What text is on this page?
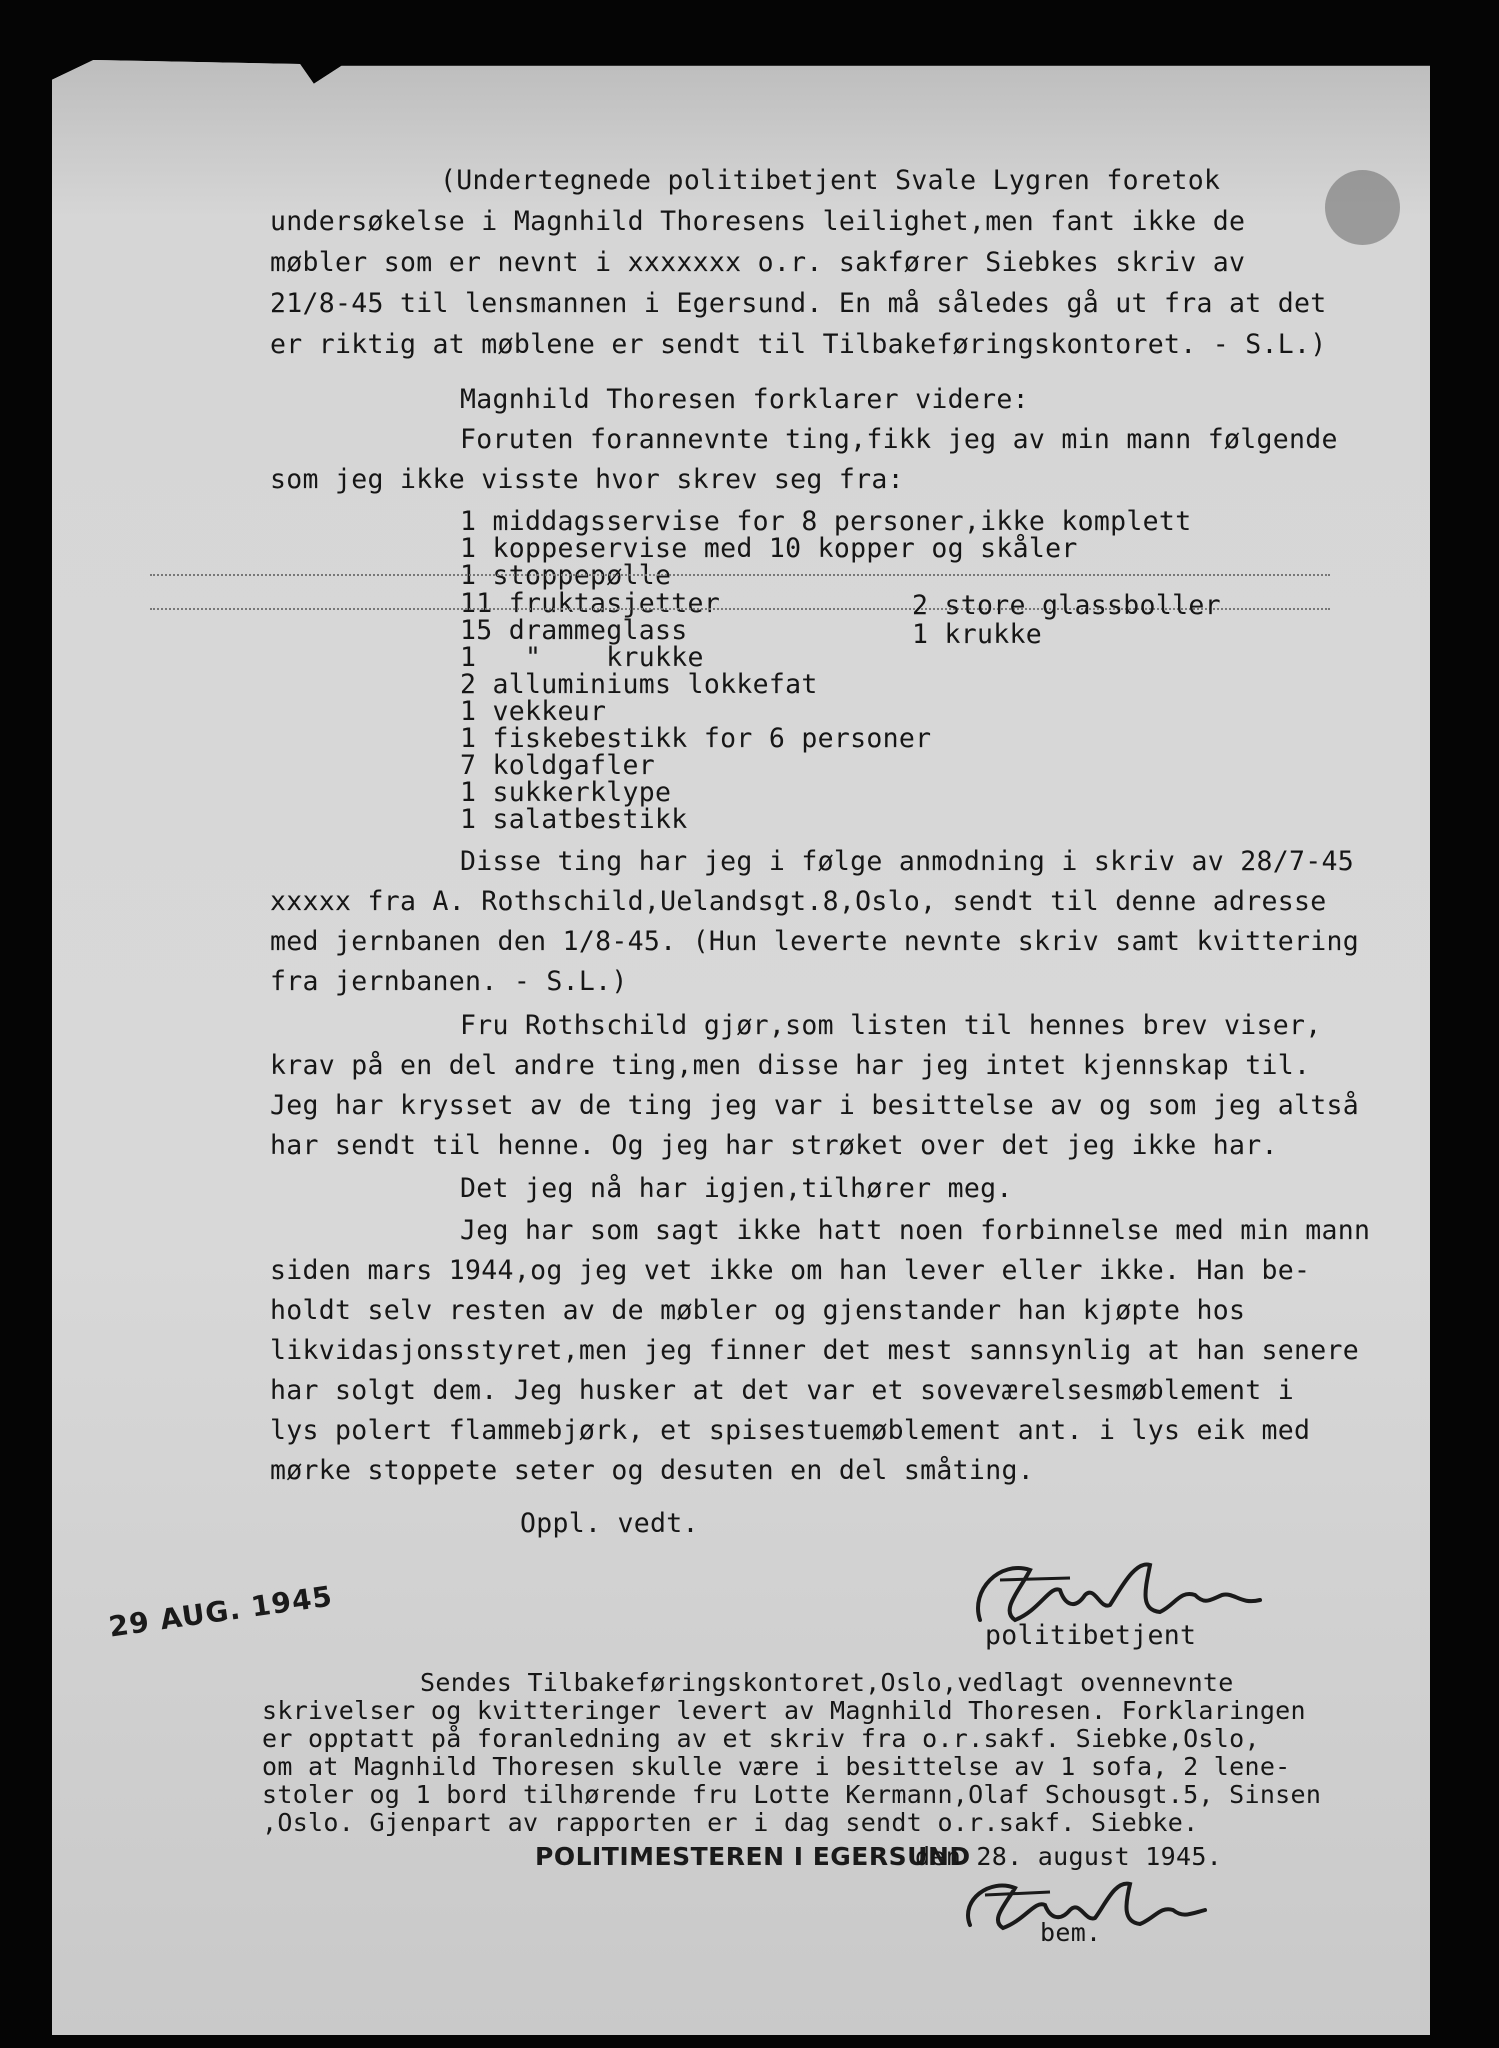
(Undertegnede politibetjent Svale Lygren foretok
undersøkelse i Magnhild Thoresens leilighet,men fant ikke de
møbler som er nevnt i xxxxxxx o.r. sakfører Siebkes skriv av
21/8-45 til lensmannen i Egersund. En må således gå ut fra at det
er riktig at møblene er sendt til Tilbakeføringskontoret. - S.L.)
Magnhild Thoresen forklarer videre:
Foruten forannevnte ting,fikk jeg av min mann følgende
som jeg ikke visste hvor skrev seg fra:
1 middagsservise for 8 personer,ikke komplett
1 koppeservise med 10 kopper og skåler
1 stoppepølle
11 fruktasjetter
15 drammeglass
1   "    krukke
2 alluminiums lokkefat
1 vekkeur
1 fiskebestikk for 6 personer
7 koldgafler
1 sukkerklype
1 salatbestikk
2 store glassboller
1 krukke
Disse ting har jeg i følge anmodning i skriv av 28/7-45
xxxxx fra A. Rothschild,Uelandsgt.8,Oslo, sendt til denne adresse
med jernbanen den 1/8-45. (Hun leverte nevnte skriv samt kvittering
fra jernbanen. - S.L.)
Fru Rothschild gjør,som listen til hennes brev viser,
krav på en del andre ting,men disse har jeg intet kjennskap til.
Jeg har krysset av de ting jeg var i besittelse av og som jeg altså
har sendt til henne. Og jeg har strøket over det jeg ikke har.
Det jeg nå har igjen,tilhører meg.
Jeg har som sagt ikke hatt noen forbinnelse med min mann
siden mars 1944,og jeg vet ikke om han lever eller ikke. Han be-
holdt selv resten av de møbler og gjenstander han kjøpte hos
likvidasjonsstyret,men jeg finner det mest sannsynlig at han senere
har solgt dem. Jeg husker at det var et soveværelsesmøblement i
lys polert flammebjørk, et spisestuemøblement ant. i lys eik med
mørke stoppete seter og desuten en del småting.
Oppl. vedt.
29 AUG. 1945	politibetjent
Sendes Tilbakeføringskontoret,Oslo,vedlagt ovennevnte
skrivelser og kvitteringer levert av Magnhild Thoresen. Forklaringen
er opptatt på foranledning av et skriv fra o.r.sakf. Siebke,Oslo,
om at Magnhild Thoresen skulle være i besittelse av 1 sofa, 2 lene-
stoler og 1 bord tilhørende fru Lotte Kermann,Olaf Schousgt.5, Sinsen
,Oslo. Gjenpart av rapporten er i dag sendt o.r.sakf. Siebke.
POLITIMESTEREN I EGERSUND
den 28. august 1945.
bem.
